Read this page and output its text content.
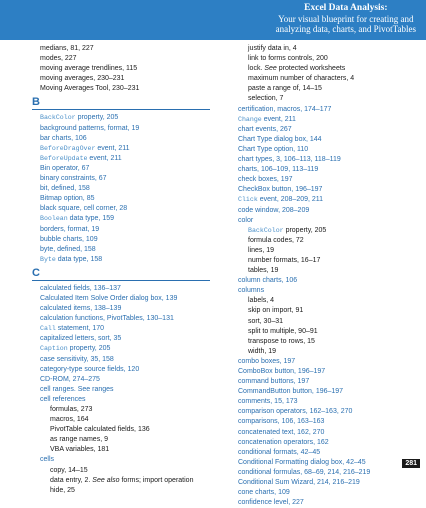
Excel Data Analysis:
Your visual blueprint for creating and
analyzing data, charts, and PivotTables
medians, 81, 227
modes, 227
moving average trendlines, 115
moving averages, 230–231
Moving Averages Tool, 230–231
B
BackColor property, 205
background patterns, format, 19
bar charts, 106
BeforeDragOver event, 211
BeforeUpdate event, 211
Bin operator, 67
binary constraints, 67
bit, defined, 158
Bitmap option, 85
black square, cell corner, 28
Boolean data type, 159
borders, format, 19
bubble charts, 109
byte, defined, 158
Byte data type, 158
C
calculated fields, 136–137
Calculated Item Solve Order dialog box, 139
calculated items, 138–139
calculation functions, PivotTables, 130–131
Call statement, 170
capitalized letters, sort, 35
Caption property, 205
case sensitivity, 35, 158
category-type source fields, 120
CD-ROM, 274–275
cell ranges. See ranges
cell references
formulas, 273
macros, 164
PivotTable calculated fields, 136
as range names, 9
VBA variables, 181
cells
copy, 14–15
data entry, 2. See also forms; import operation
hide, 25
justify data in, 4
link to forms controls, 200
lock. See protected worksheets
maximum number of characters, 4
paste a range of, 14–15
selection, 7
certification, macros, 174–177
Change event, 211
chart events, 267
Chart Type dialog box, 144
Chart Type option, 110
chart types, 3, 106–113, 118–119
charts, 106–109, 113–119
check boxes, 197
CheckBox button, 196–197
Click event, 208–209, 211
code window, 208–209
color
BackColor property, 205
formula codes, 72
lines, 19
number formats, 16–17
tables, 19
column charts, 106
columns
labels, 4
skip on import, 91
sort, 30–31
split to multiple, 90–91
transpose to rows, 15
width, 19
combo boxes, 197
ComboBox button, 196–197
command buttons, 197
CommandButton button, 196–197
comments, 15, 173
comparison operators, 162–163, 270
comparisons, 106, 163–163
concatenated text, 162, 270
concatenation operators, 162
conditional formats, 42–45
Conditional Formatting dialog box, 42–45
conditional formulas, 68–69, 214, 216–219
Conditional Sum Wizard, 214, 216–219
cone charts, 109
confidence level, 227
281
